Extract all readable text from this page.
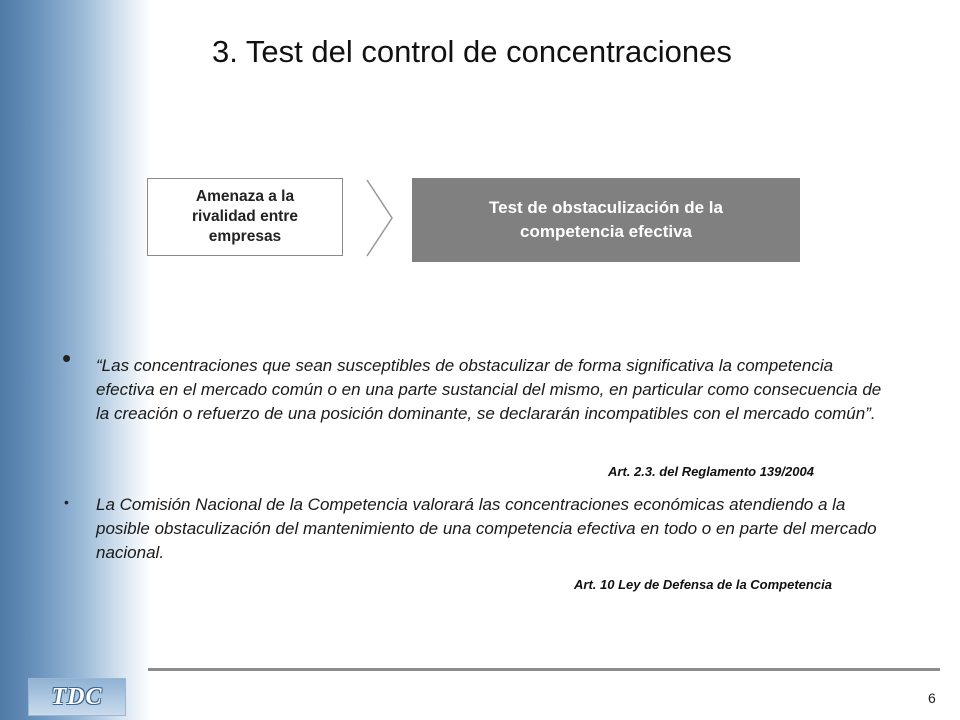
3. Test del control de concentraciones
Amenaza a la rivalidad entre empresas
Test de obstaculización de la competencia efectiva
• “Las concentraciones que sean susceptibles de obstaculizar de forma significativa la competencia efectiva en el mercado común o en una parte sustancial del mismo, en particular como consecuencia de la creación o refuerzo de una posición dominante, se declararán incompatibles con el mercado común”.

Art. 2.3. del Reglamento 139/2004
• La Comisión Nacional de la Competencia valorará las concentraciones económicas atendiendo a la posible obstaculización del mantenimiento de una competencia efectiva en todo o en parte del mercado nacional.
Art. 10 Ley de Defensa de la Competencia
TDC	6
